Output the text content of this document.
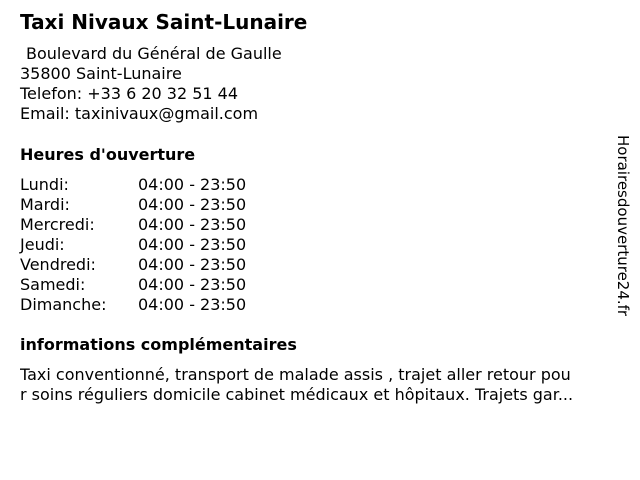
Taxi Nivaux Saint-Lunaire
Boulevard du Général de Gaulle
35800 Saint-Lunaire
Telefon: +33 6 20 32 51 44
Email: taxinivaux@gmail.com
Heures d'ouverture
Lundi:	04:00 - 23:50
Mardi:	04:00 - 23:50
Mercredi:	04:00 - 23:50
Jeudi:	04:00 - 23:50
Vendredi:	04:00 - 23:50
Samedi:	04:00 - 23:50
Dimanche: 04:00 - 23:50
informations complémentaires
Taxi conventionné, transport de malade assis , trajet aller retour pou
r soins réguliers domicile cabinet médicaux et hôpitaux. Trajets gar...
Horairesdouverture24.fr
